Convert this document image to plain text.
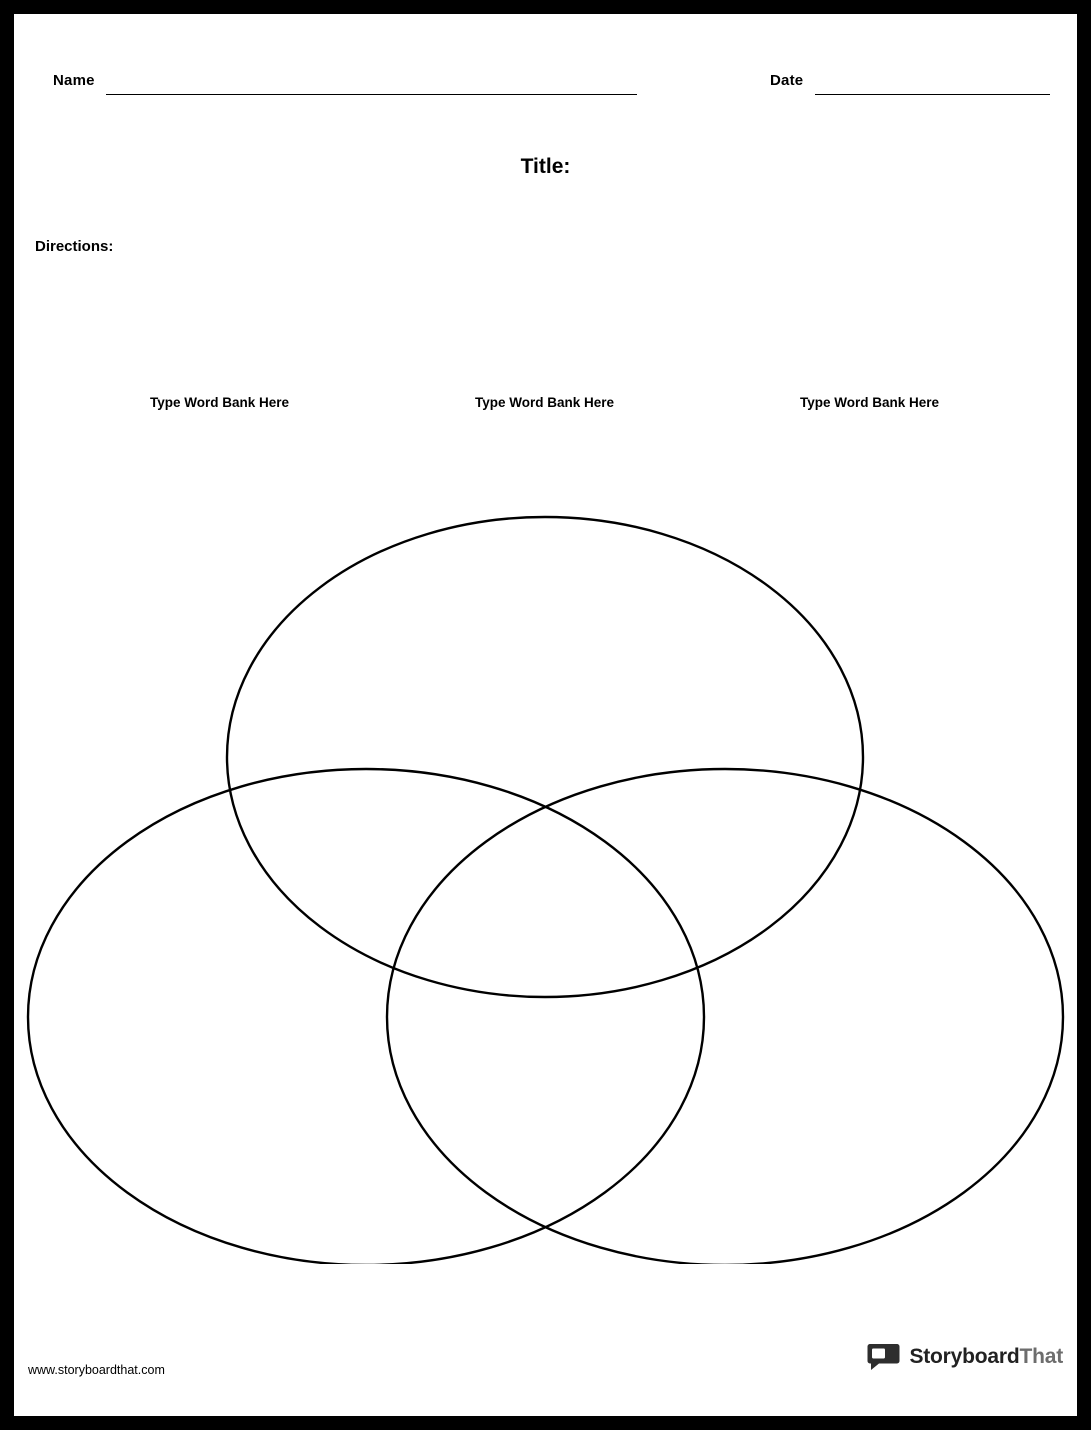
Name	Date
Title:
Directions:
Type Word Bank Here	Type Word Bank Here	Type Word Bank Here
www.storyboardthat.com
StoryboardThat
